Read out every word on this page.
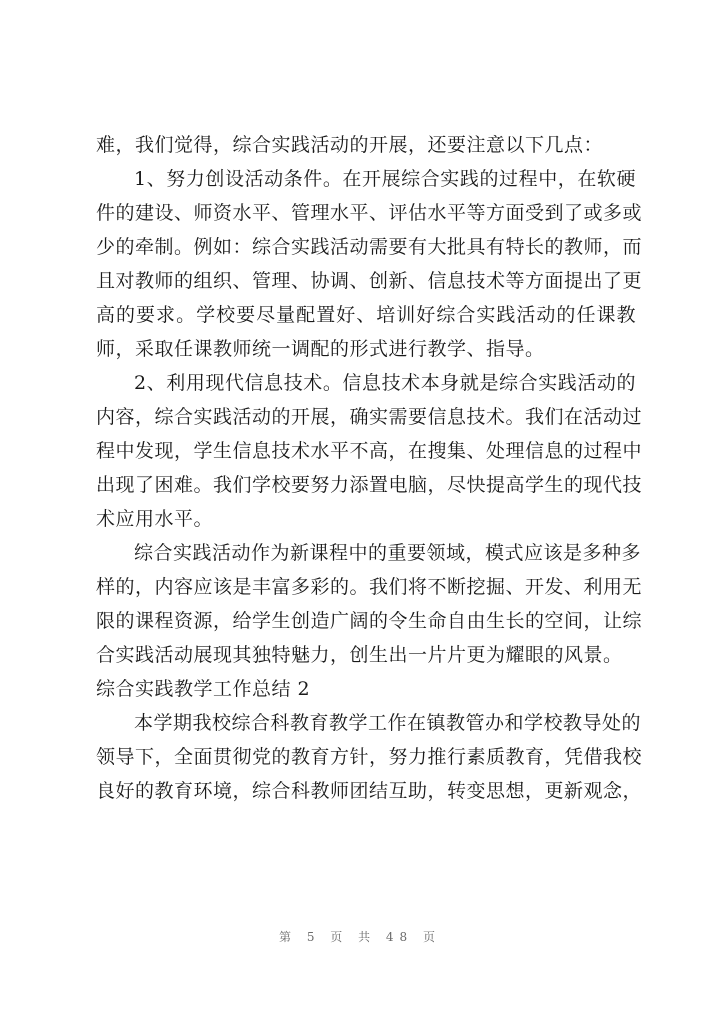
难，我们觉得，综合实践活动的开展，还要注意以下几点：
1、努力创设活动条件。在开展综合实践的过程中，在软硬
件的建设、师资水平、管理水平、评估水平等方面受到了或多或
少的牵制。例如：综合实践活动需要有大批具有特长的教师，而
且对教师的组织、管理、协调、创新、信息技术等方面提出了更
高的要求。学校要尽量配置好、培训好综合实践活动的任课教
师，采取任课教师统一调配的形式进行教学、指导。
2、利用现代信息技术。信息技术本身就是综合实践活动的
内容，综合实践活动的开展，确实需要信息技术。我们在活动过
程中发现，学生信息技术水平不高，在搜集、处理信息的过程中
出现了困难。我们学校要努力添置电脑，尽快提高学生的现代技
术应用水平。
综合实践活动作为新课程中的重要领域，模式应该是多种多
样的，内容应该是丰富多彩的。我们将不断挖掘、开发、利用无
限的课程资源，给学生创造广阔的令生命自由生长的空间，让综
合实践活动展现其独特魅力，创生出一片片更为耀眼的风景。
综合实践教学工作总结 2
本学期我校综合科教育教学工作在镇教管办和学校教导处的
领导下，全面贯彻党的教育方针，努力推行素质教育，凭借我校
良好的教育环境，综合科教师团结互助，转变思想，更新观念，
第 5 页 共 48 页
